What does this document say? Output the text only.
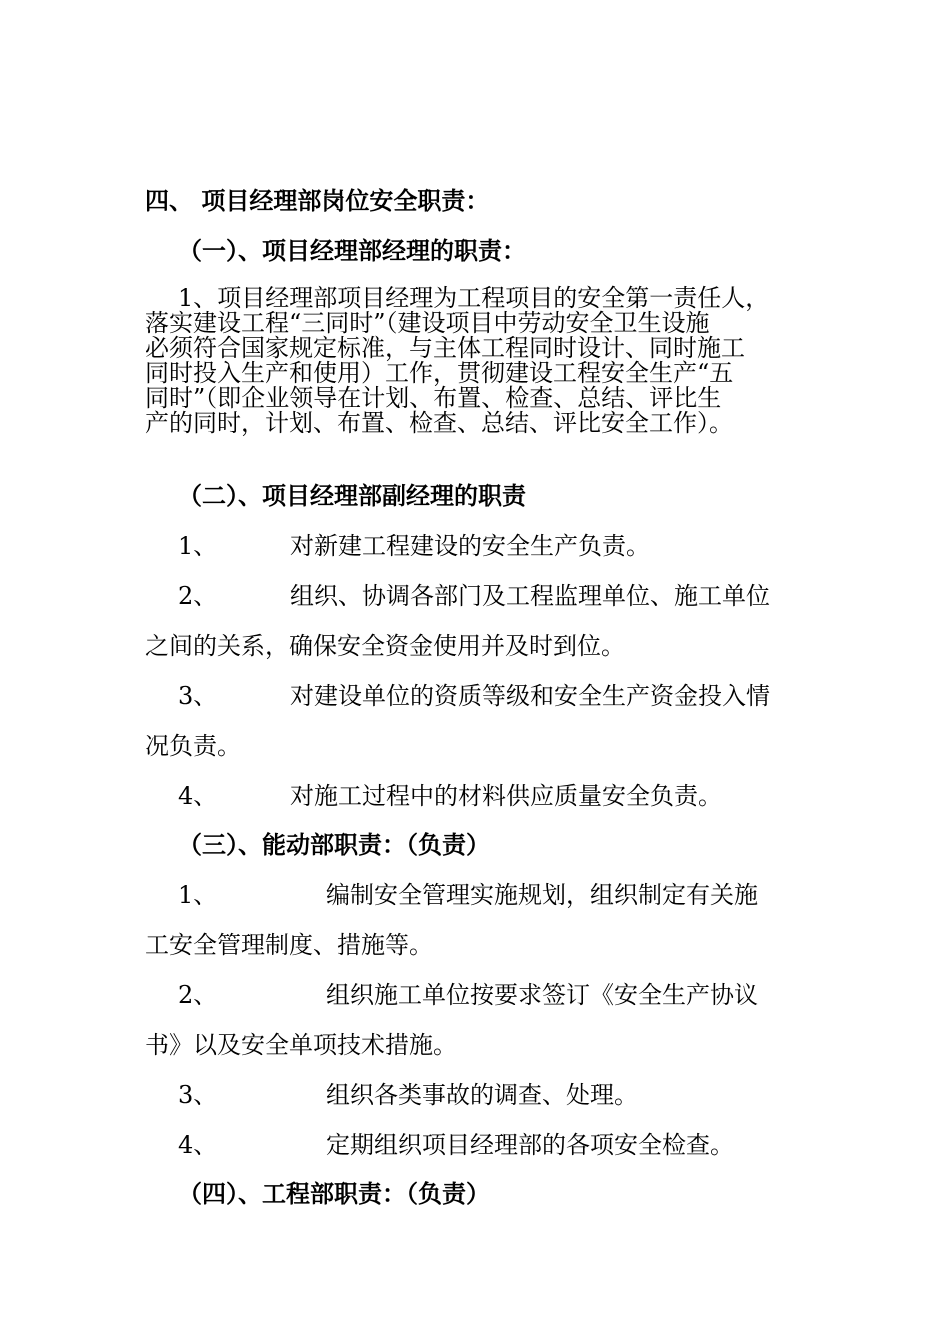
四、 项目经理部岗位安全职责：
（一）、项目经理部经理的职责：
1、项目经理部项目经理为工程项目的安全第一责任人，
落实建设工程“三同时”（建设项目中劳动安全卫生设施
必须符合国家规定标准，与主体工程同时设计、同时施工
同时投入生产和使用）工作，贯彻建设工程安全生产“五
同时”（即企业领导在计划、布置、检查、总结、评比生
产的同时，计划、布置、检查、总结、评比安全工作）。
（二）、项目经理部副经理的职责
1、	对新建工程建设的安全生产负责。
2、	组织、协调各部门及工程监理单位、施工单位
之间的关系，确保安全资金使用并及时到位。
3、	对建设单位的资质等级和安全生产资金投入情
况负责。
4、	对施工过程中的材料供应质量安全负责。
（三）、能动部职责：（负责）
1、	编制安全管理实施规划，组织制定有关施
工安全管理制度、措施等。
2、	组织施工单位按要求签订《安全生产协议
书》以及安全单项技术措施。
3、	组织各类事故的调查、处理。
4、	定期组织项目经理部的各项安全检查。
（四）、工程部职责：（负责）
